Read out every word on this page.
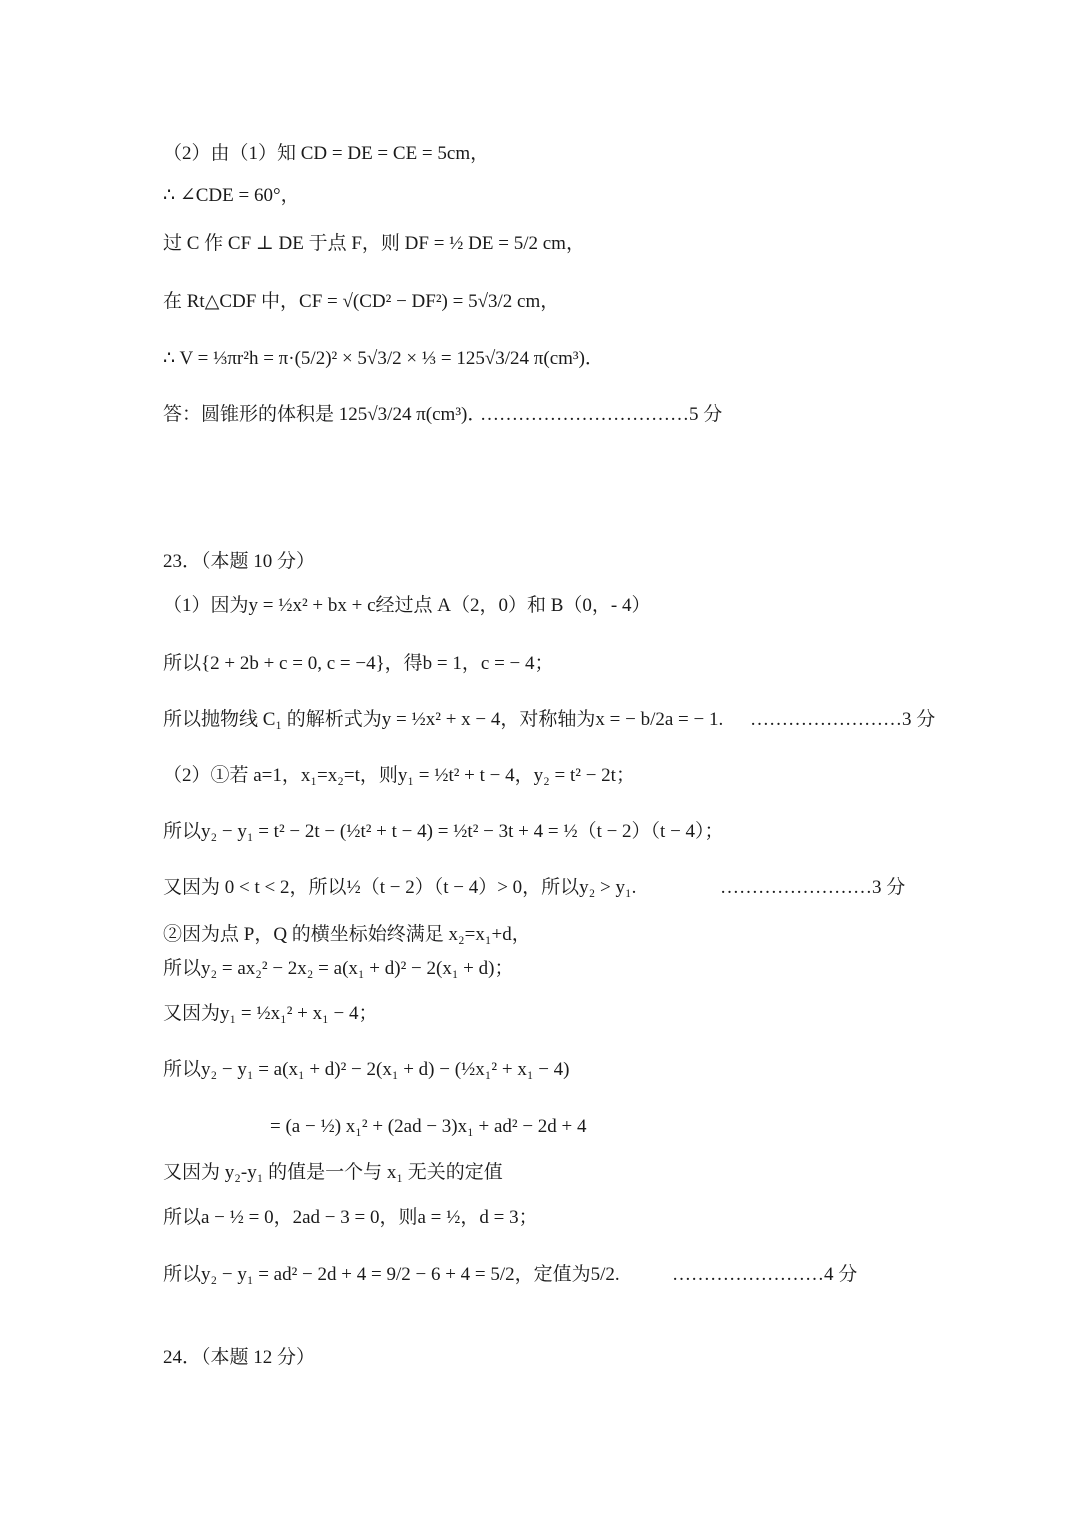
（2）由（1）知 CD = DE = CE = 5cm，
∴ ∠CDE = 60°，
过 C 作 CF ⊥ DE 于点 F，则 DF = ½ DE = 5/2 cm，
在 Rt△CDF 中，CF = √(CD² − DF²) = 5√3/2 cm，
∴ V = ⅓πr²h = π·(5/2)² × 5√3/2 × ⅓ = 125√3/24 π(cm³)．
答：圆锥形的体积是 125√3/24 π(cm³)．
……………………………5 分
23．（本题 10 分）
（1）因为y = ½x² + bx + c经过点 A（2，0）和 B（0，- 4）
所以{2 + 2b + c = 0, c = −4}，得b = 1，c = − 4；
所以抛物线 C₁ 的解析式为y = ½x² + x − 4，对称轴为x = − b/2a = − 1. ……………………3 分
（2）①若 a=1，x₁=x₂=t，则y₁ = ½t² + t − 4，y₂ = t² − 2t；
所以y₂ − y₁ = t² − 2t − (½t² + t − 4) = ½t² − 3t + 4 = ½（t − 2）（t − 4）；
又因为 0 < t < 2，所以½（t − 2）（t − 4）> 0，所以y₂ > y₁.	……………………3 分
②因为点 P，Q 的横坐标始终满足 x₂=x₁+d，
所以y₂ = ax₂² − 2x₂ = a(x₁ + d)² − 2(x₁ + d)；
又因为y₁ = ½x₁² + x₁ − 4；
所以y₂ − y₁ = a(x₁ + d)² − 2(x₁ + d) − (½x₁² + x₁ − 4)
= (a − ½) x₁² + (2ad − 3)x₁ + ad² − 2d + 4
又因为 y₂-y₁ 的值是一个与 x₁ 无关的定值
所以a − ½ = 0，2ad − 3 = 0，则a = ½，d = 3；
所以y₂ − y₁ = ad² − 2d + 4 = 9/2 − 6 + 4 = 5/2，定值为5/2.	……………………4 分
24．（本题 12 分）
